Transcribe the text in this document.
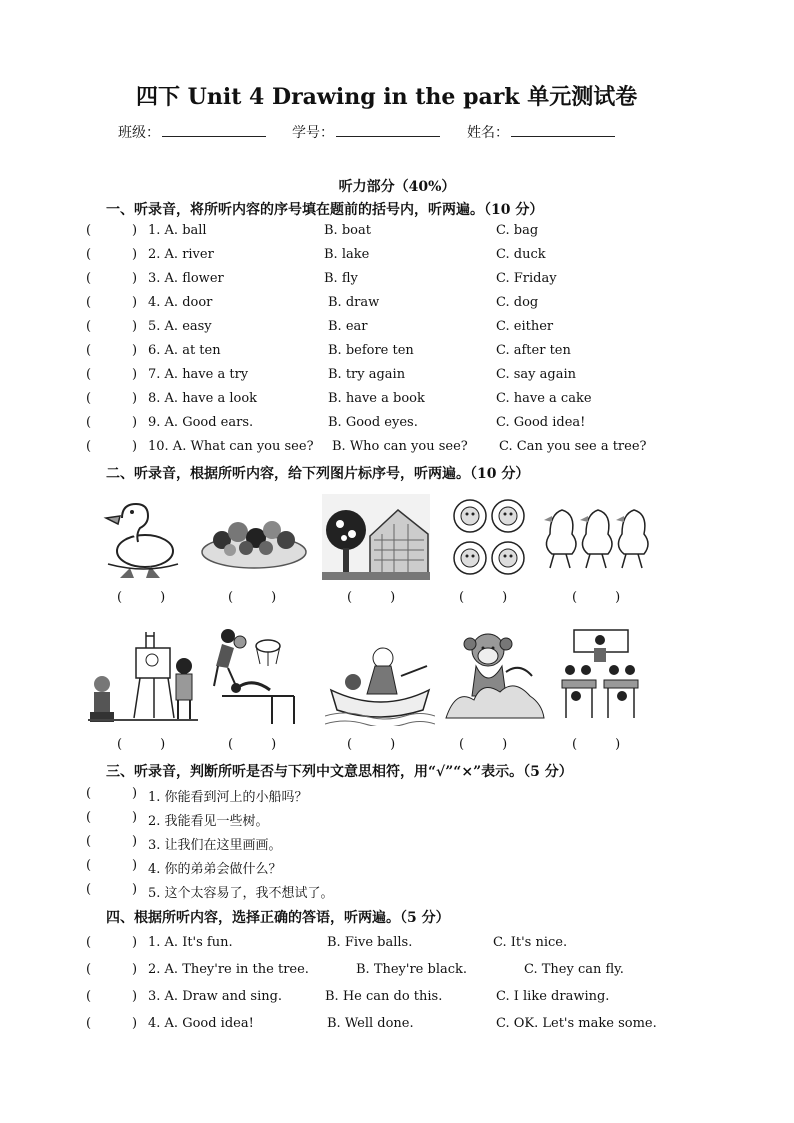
四下 Unit 4 Drawing in the park 单元测试卷
班级：	学号：	姓名：
听力部分（40%）
一、听录音，将所听内容的序号填在题前的括号内，听两遍。（10 分）
(	) 1. A. ball	B. boat	C. bag
(	) 2. A. river	B. lake	C. duck
(	) 3. A. flower	B. fly	C. Friday
(	) 4. A. door	B. draw	C. dog
(	) 5. A. easy	B. ear	C. either
(	) 6. A. at ten	B. before ten	C. after ten
(	) 7. A. have a try	B. try again	C. say again
(	) 8. A. have a look	B. have a book	C. have a cake
(	) 9. A. Good ears.	B. Good eyes.	C. Good idea!
(	) 10. A. What can you see? B. Who can you see? C. Can you see a tree?
二、听录音，根据所听内容，给下列图片标序号，听两遍。（10 分）
(	)	(	)	(	)	(	)	(	)
(	)	(	)	(	)	(	)	(	)
三、听录音，判断所听是否与下列中文意思相符，用“√”“×”表示。（5 分）
(	) 1. 你能看到河上的小船吗？
(	) 2. 我能看见一些树。
(	) 3. 让我们在这里画画。
(	) 4. 你的弟弟会做什么？
(	) 5. 这个太容易了，我不想试了。
四、根据所听内容，选择正确的答语，听两遍。（5 分）
(	) 1. A. It's fun.	B. Five balls.	C. It's nice.
(	) 2. A. They're in the tree.	B. They're black.	C. They can fly.
(	) 3. A. Draw and sing.	B. He can do this.	C. I like drawing.
(	) 4. A. Good idea!	B. Well done.	C. OK. Let's make some.
